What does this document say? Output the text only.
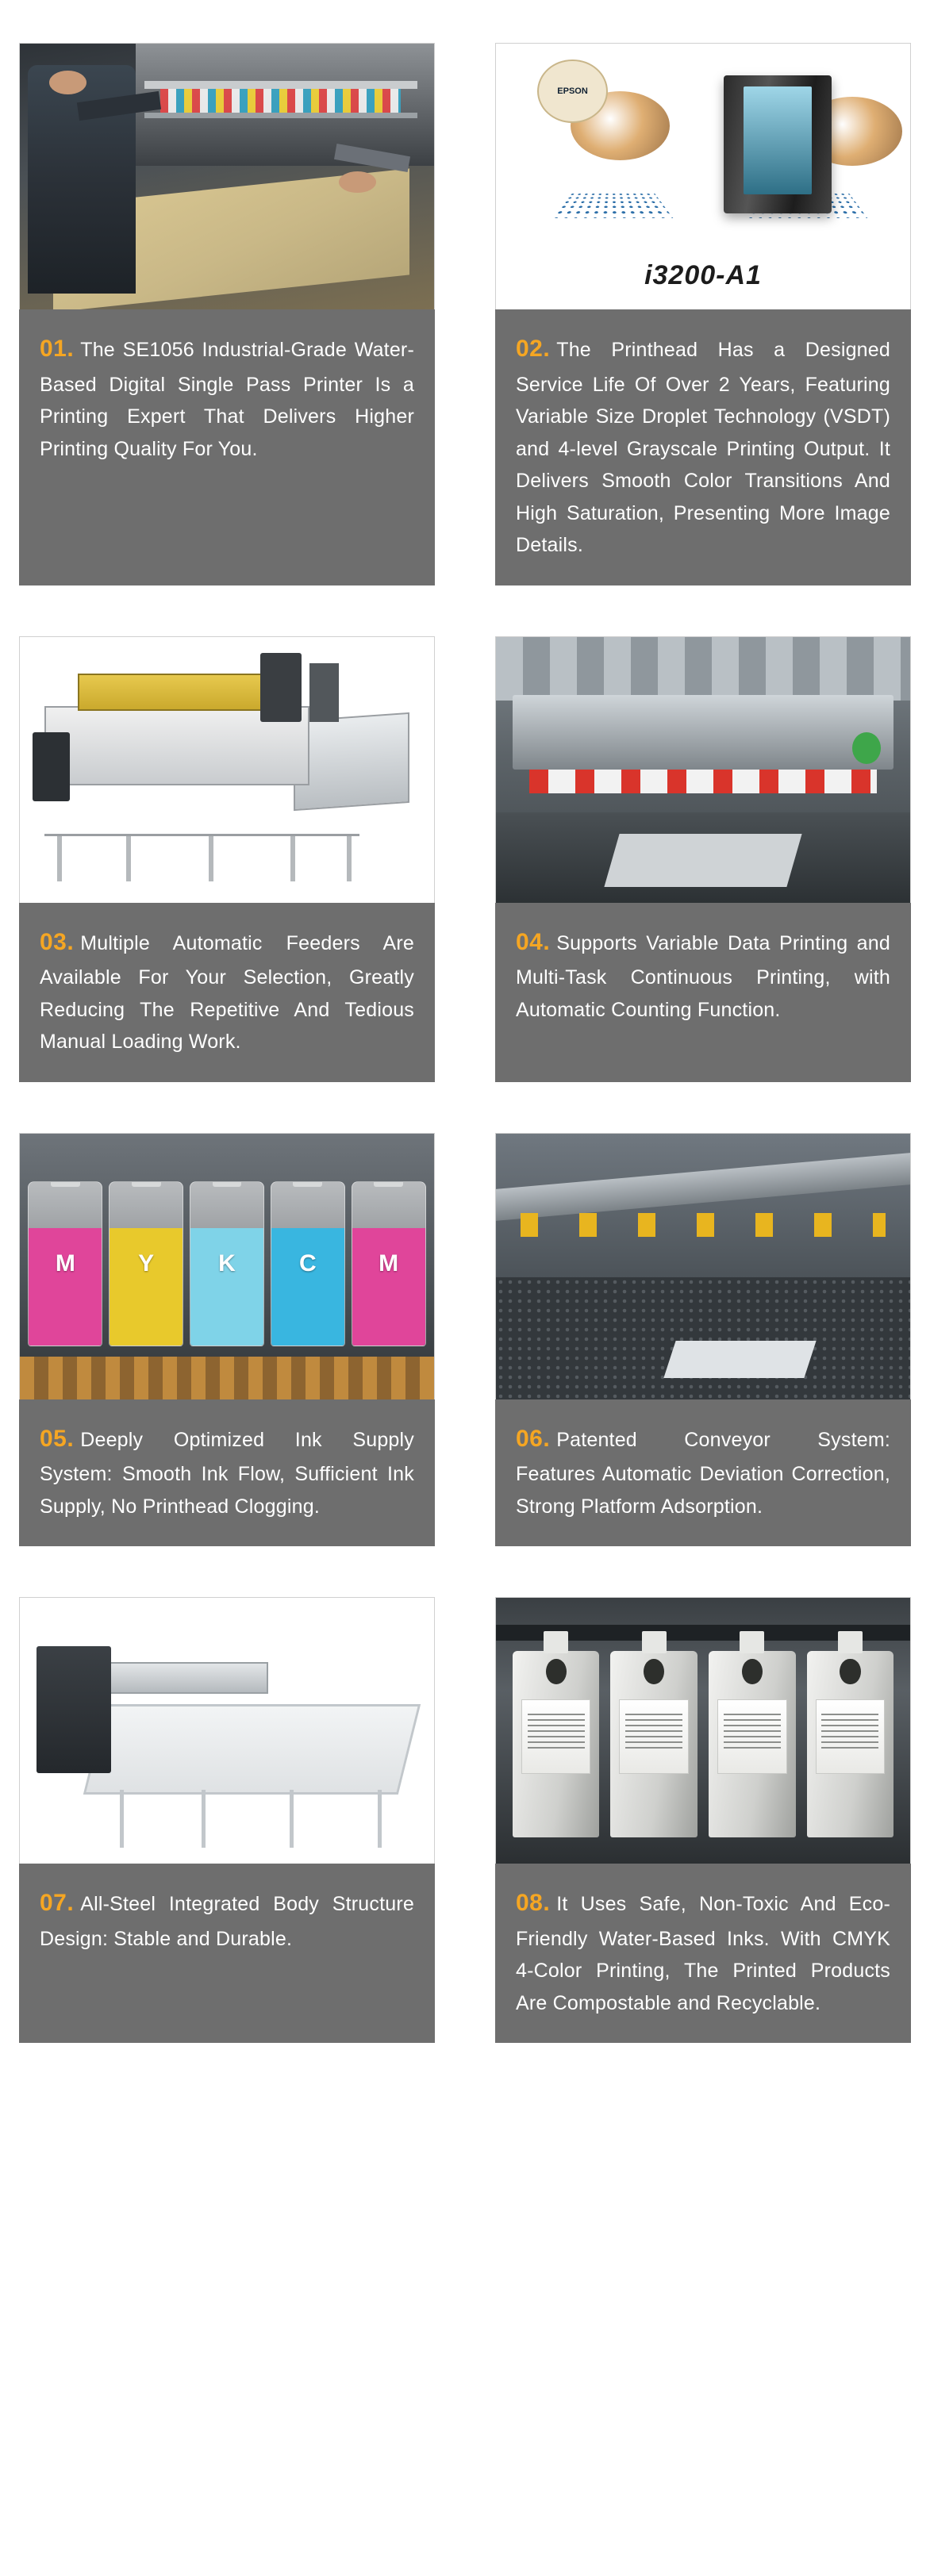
01. The SE1056 Industrial-Grade Water-Based Digital Single Pass Printer Is a Printing Expert That Delivers Higher Printing Quality For You.

EPSON
i3200-A1

02. The Printhead Has a Designed Service Life Of Over 2 Years, Featuring Variable Size Droplet Technology (VSDT) and 4-level Grayscale Printing Output. It Delivers Smooth Color Transitions And High Saturation, Presenting More Image Details.

03. Multiple Automatic Feeders Are Available For Your Selection, Greatly Reducing The Repetitive And Tedious Manual Loading Work.

04. Supports Variable Data Printing and Multi-Task Continuous Printing, with Automatic Counting Function.

M	Y	K	C	M

05. Deeply Optimized Ink Supply System: Smooth Ink Flow, Sufficient Ink Supply, No Printhead Clogging.

06. Patented Conveyor System: Features Automatic Deviation Correction, Strong Platform Adsorption.

07. All-Steel Integrated Body Structure Design: Stable and Durable.

08. It Uses Safe, Non-Toxic And Eco-Friendly Water-Based Inks. With CMYK 4-Color Printing, The Printed Products Are Compostable and Recyclable.
